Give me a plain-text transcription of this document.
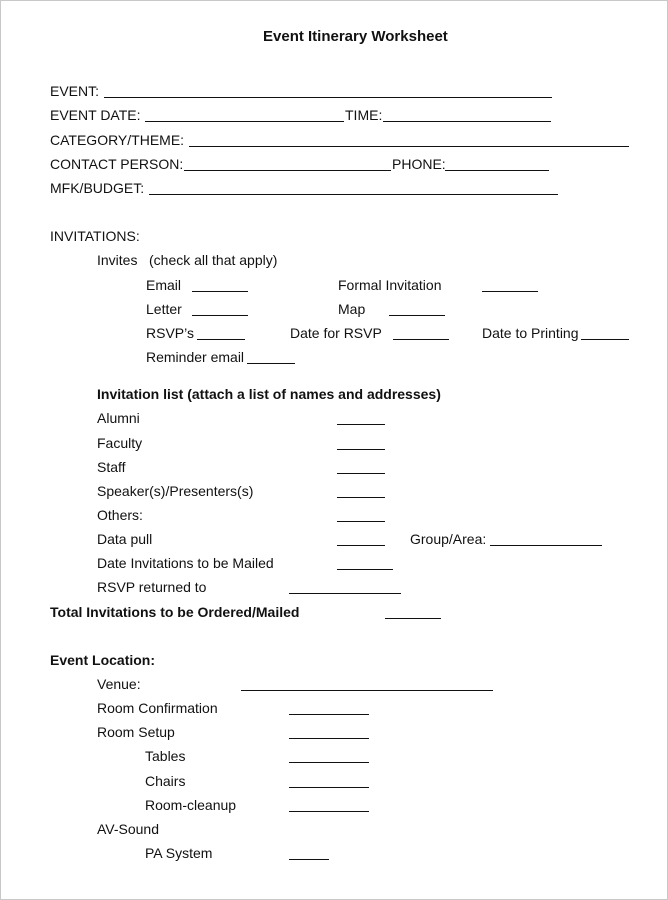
Event Itinerary Worksheet
EVENT:
EVENT DATE:	TIME:
CATEGORY/THEME:
CONTACT PERSON:	PHONE:
MFK/BUDGET:
INVITATIONS:
Invites (check all that apply)
Email	Formal Invitation
Letter	Map
RSVP’s	Date for RSVP	Date to Printing
Reminder email
Invitation list (attach a list of names and addresses)
Alumni
Faculty
Staff
Speaker(s)/Presenters(s)
Others:
Data pull	Group/Area:
Date Invitations to be Mailed
RSVP returned to
Total Invitations to be Ordered/Mailed
Event Location:
Venue:
Room Confirmation
Room Setup
Tables
Chairs
Room-cleanup
AV-Sound
PA System
